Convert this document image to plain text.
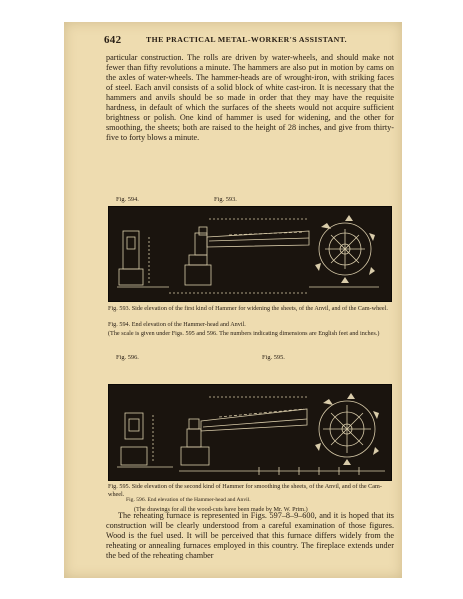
642	THE PRACTICAL METAL-WORKER'S ASSISTANT.

particular construction. The rolls are driven by water-wheels, and should make not fewer than fifty revolutions a minute. The hammers are also put in motion by cams on the axles of water-wheels. The hammer-heads are of wrought-iron, with striking faces of steel. Each anvil consists of a solid block of white cast-iron. It is necessary that the hammers and anvils should be so made in order that they may have the requisite hardness, in default of which the surfaces of the sheets would not acquire sufficient brightness or polish. One kind of hammer is used for widening, and the other for smoothing, the sheets; both are raised to the height of 28 inches, and give from thirty-five to forty blows a minute.

Fig. 594.	Fig. 593.

Fig. 593. Side elevation of the first kind of Hammer for widening the sheets, of the Anvil, and of the Cam-wheel.

Fig. 594. End elevation of the Hammer-head and Anvil.

(The scale is given under Figs. 595 and 596. The numbers indicating dimensions are English feet and inches.)

Fig. 596.	Fig. 595.

Fig. 595. Side elevation of the second kind of Hammer for smoothing the sheets, of the Anvil, and of the Cam-wheel.

(The drawings for all the wood-cuts have been made by Mr. W. Prim.)

The reheating furnace is represented in Figs. 597–8–9–600, and it is hoped that its construction will be clearly understood from a careful examination of those figures. Wood is the fuel used. It will be perceived that this furnace differs widely from the reheating or annealing furnaces employed in this country. The fireplace extends under the bed of the reheating chamber

Fig. 596. End elevation of the Hammer-head and Anvil.
